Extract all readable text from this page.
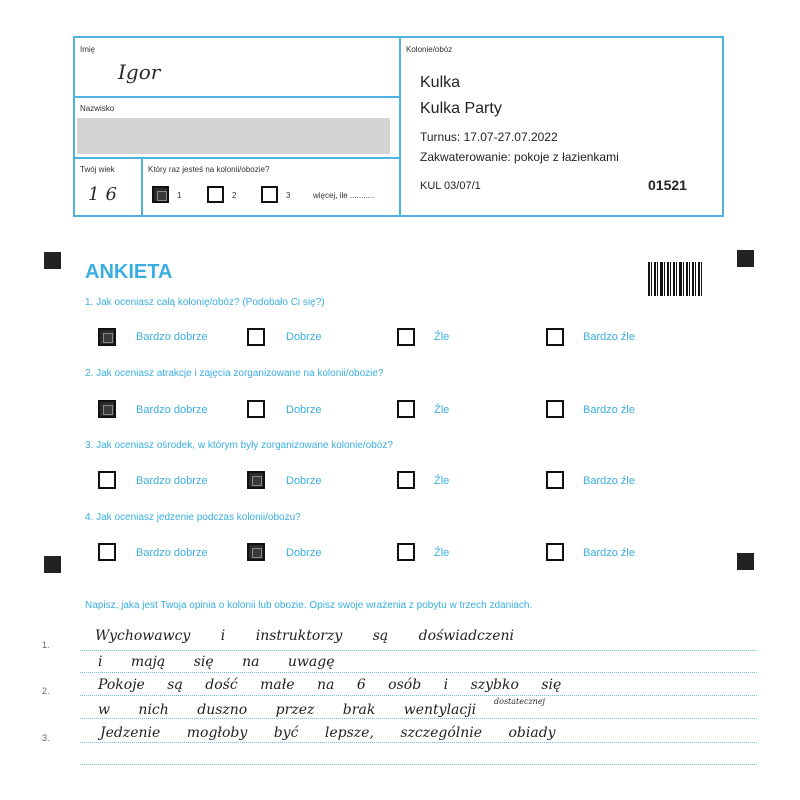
Imię
Igor
Nazwisko
Twój wiek
16
Który raz jesteś na kolonii/obozie?
1	2	3	więcej, ile ...........
Kolonie/obóz
Kulka
Kulka Party
Turnus: 17.07-27.07.2022
Zakwaterowanie: pokoje z łazienkami
KUL 03/07/1	01521
ANKIETA
1. Jak oceniasz całą kolonię/obóz? (Podobało Ci się?)
Bardzo dobrze	Dobrze	Źle	Bardzo źle
2. Jak oceniasz atrakcje i zajęcia zorganizowane na kolonii/obozie?
Bardzo dobrze	Dobrze	Źle	Bardzo źle
3. Jak oceniasz ośrodek, w którym były zorganizowane kolonie/obóz?
Bardzo dobrze	Dobrze	Źle	Bardzo źle
4. Jak oceniasz jedzenie podczas kolonii/obozu?
Bardzo dobrze	Dobrze	Źle	Bardzo źle
Napisz, jaka jest Twoja opinia o kolonii lub obozie. Opisz swoje wrażenia z pobytu w trzech zdaniach.
1.
2.
3.
Wychowawcy i instruktorzy są doświadczeni
i mają się na uwagę
Pokoje są dość małe na 6 osób i szybko się
w nich duszno przez brak wentylacji
dostatecznej
Jedzenie mogłoby być lepsze, szczególnie obiady
